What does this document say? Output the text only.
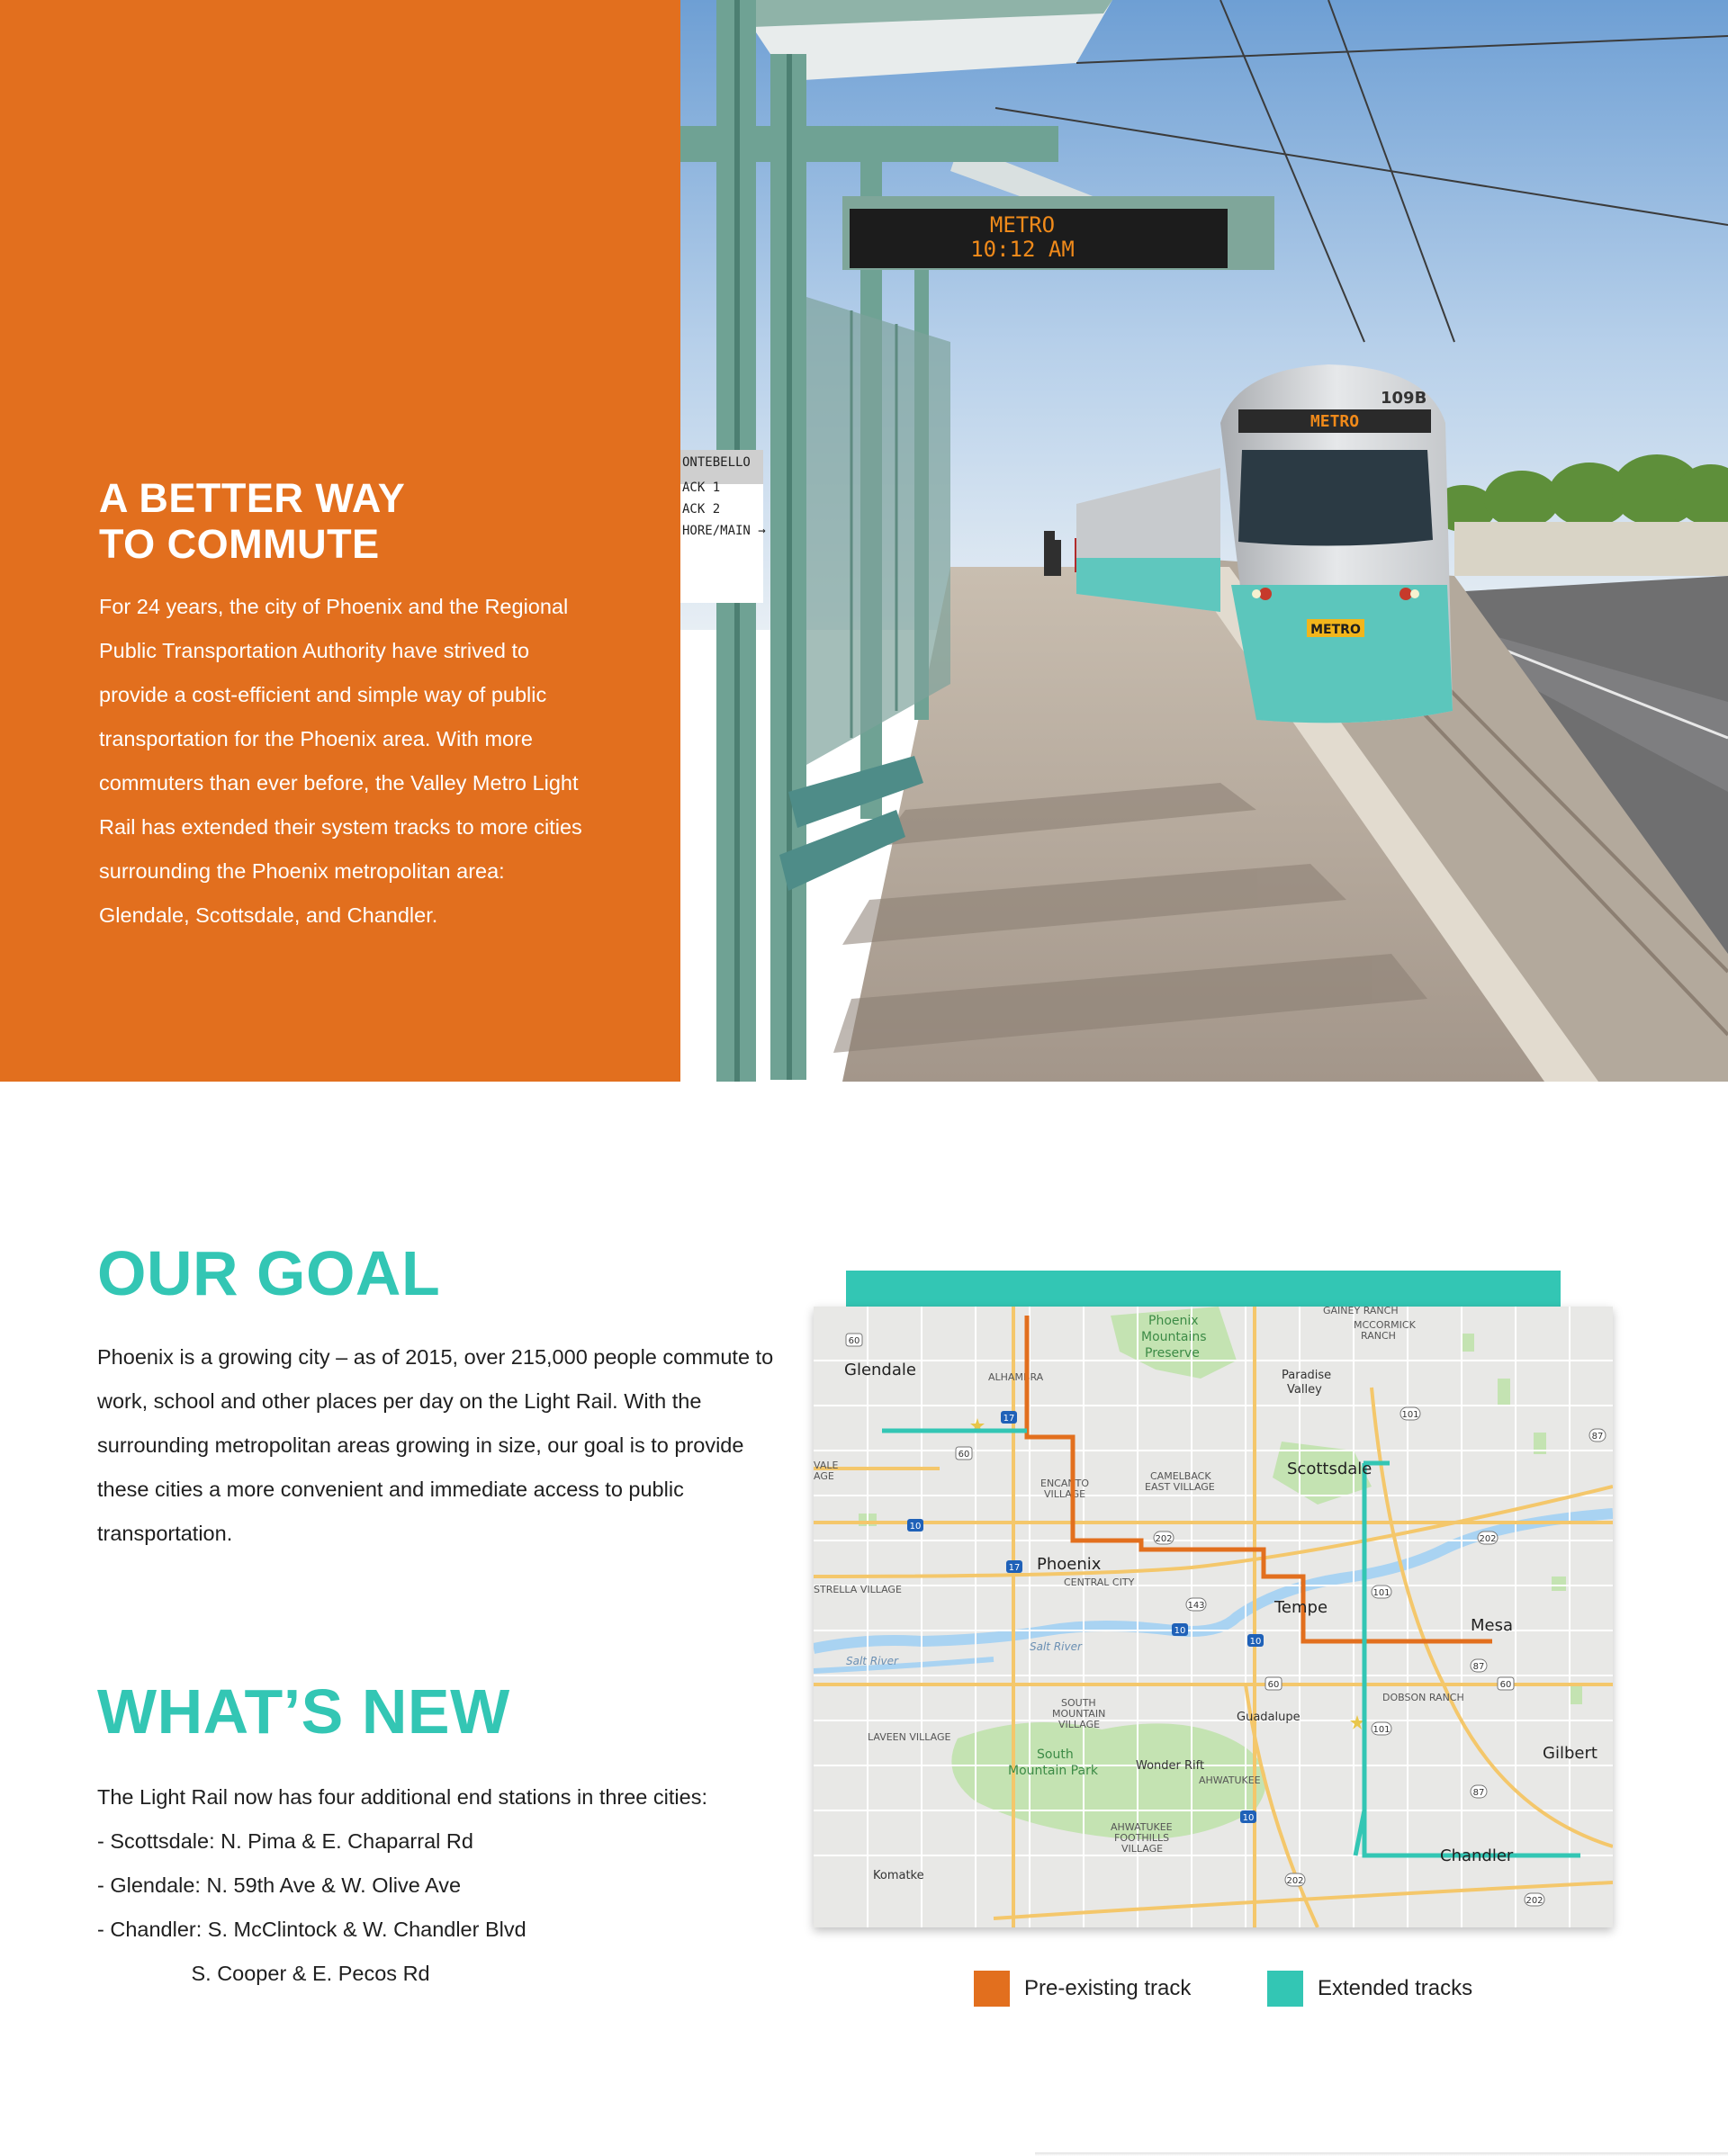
A BETTER WAY
TO COMMUTE

For 24 years, the city of Phoenix and the Regional Public Transportation Authority have strived to provide a cost-efficient and simple way of public transportation for the Phoenix area. With more commuters than ever before, the Valley Metro Light Rail has extended their system tracks to more cities surrounding the Phoenix metropolitan area: Glendale, Scottsdale, and Chandler.

ONTEBELLO
ACK 1
ACK 2
HORE/MAIN →
METRO
10:12 AM
METRO
109B
METRO
OUR GOAL

Phoenix is a growing city – as of 2015, over 215,000 people commute to work, school and other places per day on the Light Rail. With the surrounding metropolitan areas growing in size, our goal is to provide these cities a more convenient and immediate access to public transportation.

WHAT’S NEW
The Light Rail now has four additional end stations in three cities:
- Scottsdale: N. Pima & E. Chaparral Rd
- Glendale: N. 59th Ave & W. Olive Ave
- Chandler: S. McClintock & W. Chandler Blvd
S. Cooper & E. Pecos Rd
ALHAMBRA
ENCANTO
VILLAGE
CAMELBACK
EAST VILLAGE
CENTRAL CITY
STRELLA VILLAGE
SOUTH
MOUNTAIN
VILLAGE
DOBSON RANCH
LAVEEN VILLAGE
AHWATUKEE
AHWATUKEE
FOOTHILLS
VILLAGE
GAINEY RANCH
MCCORMICK
RANCH
VALE
AGE
Paradise
Valley
Guadalupe
Wonder Rift
Komatke
Phoenix
Mountains
Preserve
South
Mountain Park
Salt River
Salt River
60
17
60
101
87
10
202
17
143
101
202
10
10
60
87
60
101
87
10
202
202
Glendale
Scottsdale
Phoenix
Tempe
Mesa
Gilbert
Chandler
Pre-existing track	Extended tracks
